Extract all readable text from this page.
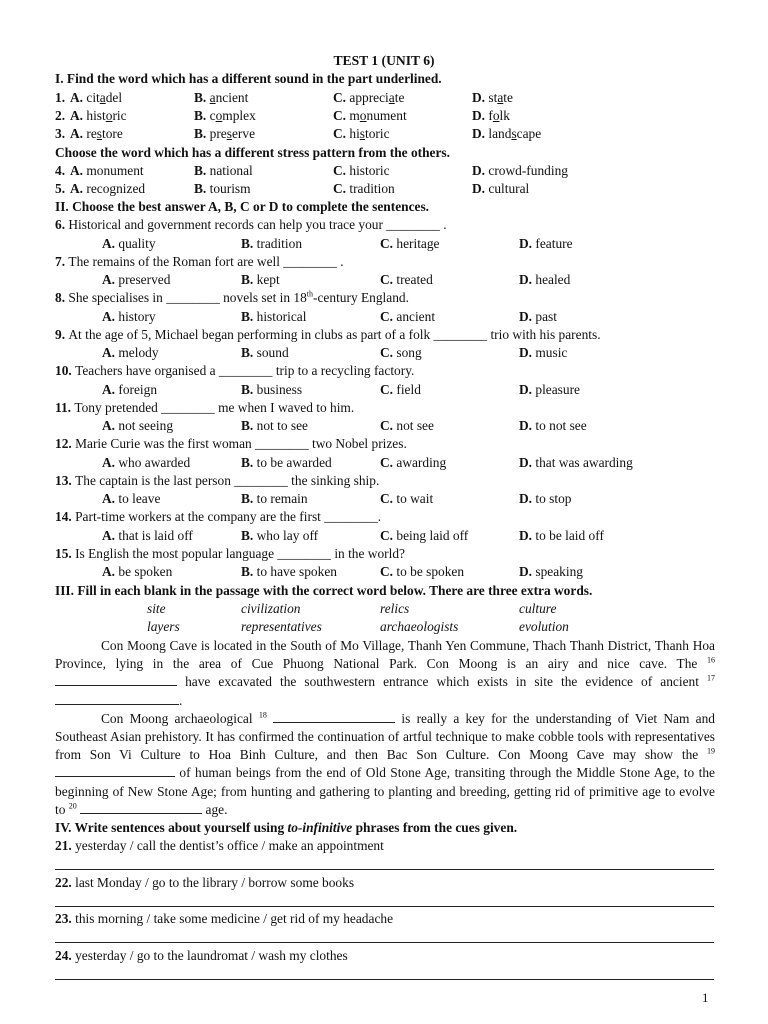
TEST 1 (UNIT 6)
I. Find the word which has a different sound in the part underlined.
1. A. citadel	B. ancient	C. appreciate	D. state
2. A. historic	B. complex	C. monument	D. folk
3. A. restore	B. preserve	C. historic	D. landscape
Choose the word which has a different stress pattern from the others.
4. A. monument	B. national	C. historic	D. crowd-funding
5. A. recognized	B. tourism	C. tradition	D. cultural
II. Choose the best answer A, B, C or D to complete the sentences.
6. Historical and government records can help you trace your ________ .
A. quality	B. tradition	C. heritage	D. feature
7. The remains of the Roman fort are well ________ .
A. preserved	B. kept	C. treated	D. healed
8. She specialises in ________ novels set in 18th-century England.
A. history	B. historical	C. ancient	D. past
9. At the age of 5, Michael began performing in clubs as part of a folk ________ trio with his parents.
A. melody	B. sound	C. song	D. music
10. Teachers have organised a ________ trip to a recycling factory.
A. foreign	B. business	C. field	D. pleasure
11. Tony pretended ________ me when I waved to him.
A. not seeing	B. not to see	C. not see	D. to not see
12. Marie Curie was the first woman ________ two Nobel prizes.
A. who awarded	B. to be awarded	C. awarding	D. that was awarding
13. The captain is the last person ________ the sinking ship.
A. to leave	B. to remain	C. to wait	D. to stop
14. Part-time workers at the company are the first ________.
A. that is laid off	B. who lay off	C. being laid off	D. to be laid off
15. Is English the most popular language ________ in the world?
A. be spoken	B. to have spoken	C. to be spoken	D. speaking
III. Fill in each blank in the passage with the correct word below. There are three extra words.
site	civilization	relics	culture
layers	representatives	archaeologists	evolution

Con Moong Cave is located in the South of Mo Village, Thanh Yen Commune, Thach Thanh District, Thanh Hoa Province, lying in the area of Cue Phuong National Park. Con Moong is an airy and nice cave. The $^{16}$  have excavated the southwestern entrance which exists in site the evidence of ancient $^{17}$ .

Con Moong archaeological $^{18}$	is really a key for the understanding of Viet Nam and Southeast Asian prehistory. It has confirmed the continuation of artful technique to make cobble tools with representatives from Son Vi Culture to Hoa Binh Culture, and then Bac Son Culture. Con Moong Cave may show the $^{19}$  of human beings from the end of Old Stone Age, transiting through the Middle Stone Age, to the beginning of New Stone Age; from hunting and gathering to planting and breeding, getting rid of primitive age to evolve to $^{20}$	age.

IV. Write sentences about yourself using to-infinitive phrases from the cues given.
21. yesterday / call the dentist’s office / make an appointment
22. last Monday / go to the library / borrow some books
23. this morning / take some medicine / get rid of my headache
24. yesterday / go to the laundromat / wash my clothes
1
